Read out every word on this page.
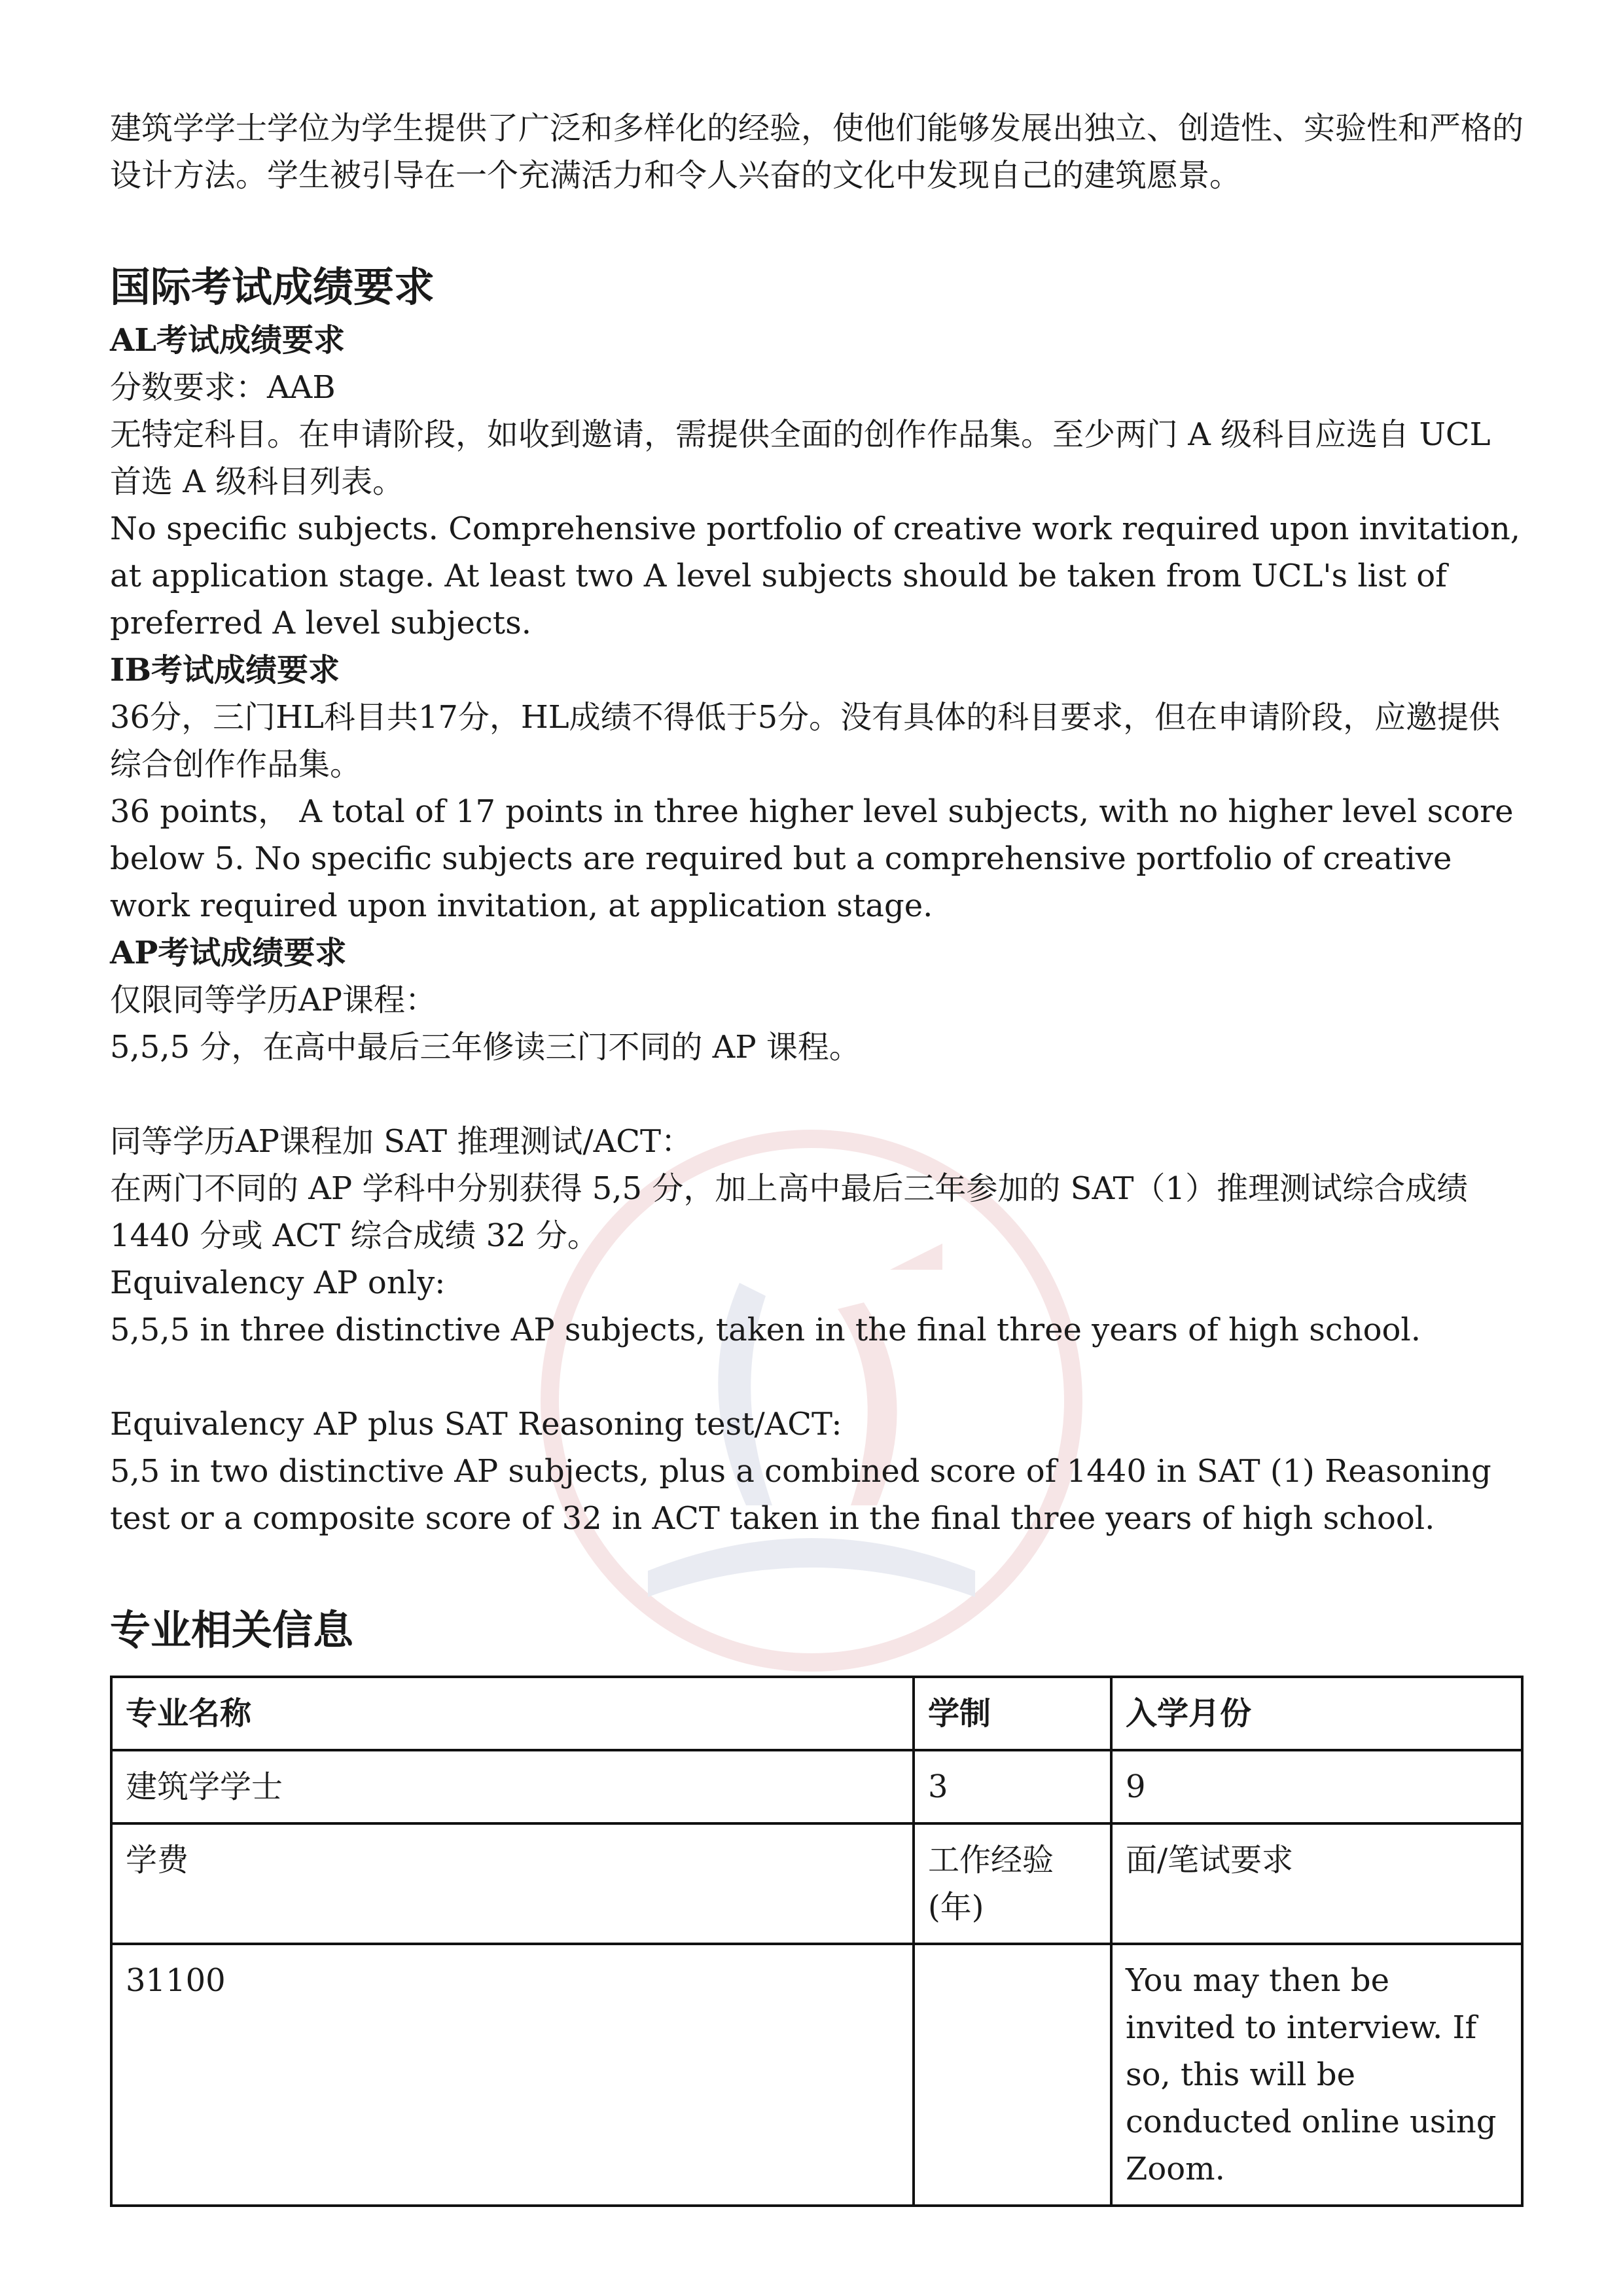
建筑学学士学位为学生提供了广泛和多样化的经验，使他们能够发展出独立、创造性、实验性和严格的设计方法。学生被引导在一个充满活力和令人兴奋的文化中发现自己的建筑愿景。

国际考试成绩要求
AL考试成绩要求

分数要求：AAB

无特定科目。在申请阶段，如收到邀请，需提供全面的创作作品集。至少两门 A 级科目应选自 UCL 首选 A 级科目列表。

No specific subjects. Comprehensive portfolio of creative work required upon invitation, at application stage. At least two A level subjects should be taken from UCL's list of preferred A level subjects.

IB考试成绩要求

36分，三门HL科目共17分，HL成绩不得低于5分。没有具体的科目要求，但在申请阶段，应邀提供综合创作作品集。

36 points， A total of 17 points in three higher level subjects, with no higher level score below 5. No specific subjects are required but a comprehensive portfolio of creative work required upon invitation, at application stage.

AP考试成绩要求

仅限同等学历AP课程：

5,5,5 分，在高中最后三年修读三门不同的 AP 课程。

同等学历AP课程加 SAT 推理测试/ACT：

在两门不同的 AP 学科中分别获得 5,5 分，加上高中最后三年参加的 SAT（1）推理测试综合成绩 1440 分或 ACT 综合成绩 32 分。

Equivalency AP only:

5,5,5 in three distinctive AP subjects, taken in the final three years of high school.

Equivalency AP plus SAT Reasoning test/ACT:

5,5 in two distinctive AP subjects, plus a combined score of 1440 in SAT (1) Reasoning test or a composite score of 32 in ACT taken in the final three years of high school.

专业相关信息
专业名称	学制	入学月份
建筑学学士	3	9
学费	工作经验(年)	面/笔试要求
31100		You may then be invited to interview. If so, this will be conducted online using Zoom.
